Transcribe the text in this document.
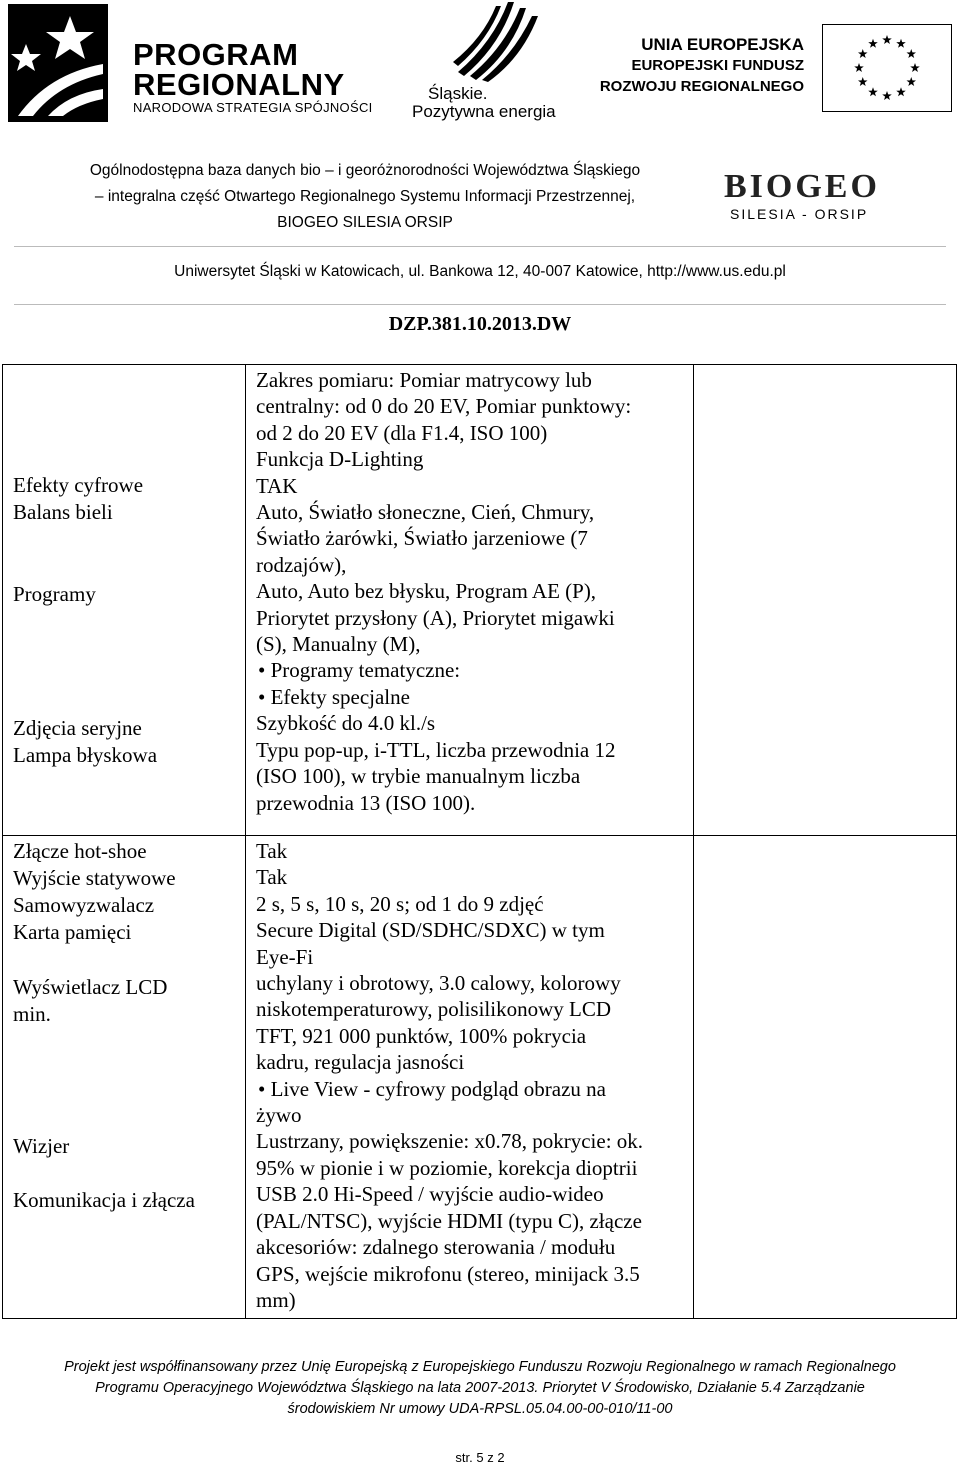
PROGRAM
REGIONALNY
NARODOWA STRATEGIA SPÓJNOŚCI
Śląskie.
Pozytywna energia
UNIA EUROPEJSKA
EUROPEJSKI FUNDUSZ
ROZWOJU REGIONALNEGO
Ogólnodostępna baza danych bio – i georóżnorodności Województwa Śląskiego
– integralna część Otwartego Regionalnego Systemu Informacji Przestrzennej,
BIOGEO SILESIA ORSIP
BIOGEO
SILESIA - ORSIP
Uniwersytet Śląski w Katowicach, ul. Bankowa 12, 40-007 Katowice, http://www.us.edu.pl
DZP.381.10.2013.DW
Efekty cyfrowe
Balans bieli
Programy
Zdjęcia seryjne
Lampa błyskowa
Zakres pomiaru: Pomiar matrycowy lub
centralny: od 0 do 20 EV, Pomiar punktowy:
od 2 do 20 EV (dla F1.4, ISO 100)
Funkcja D-Lighting
TAK
Auto, Światło słoneczne, Cień, Chmury,
Światło żarówki, Światło jarzeniowe (7
rodzajów),
Auto, Auto bez błysku, Program AE (P),
Priorytet przysłony (A), Priorytet migawki
(S), Manualny (M),
• Programy tematyczne:
• Efekty specjalne
Szybkość do 4.0 kl./s
Typu pop-up, i-TTL, liczba przewodnia 12
(ISO 100), w trybie manualnym liczba
przewodnia 13 (ISO 100).
Złącze hot-shoe
Wyjście statywowe
Samowyzwalacz
Karta pamięci
Wyświetlacz LCD
min.
Wizjer
Komunikacja i złącza
Tak
Tak
2 s, 5 s, 10 s, 20 s; od 1 do 9 zdjęć
Secure Digital (SD/SDHC/SDXC) w tym
Eye-Fi
uchylany i obrotowy, 3.0 calowy, kolorowy
niskotemperaturowy, polisilikonowy LCD
TFT, 921 000 punktów, 100% pokrycia
kadru, regulacja jasności
• Live View - cyfrowy podgląd obrazu na
żywo
Lustrzany, powiększenie: x0.78, pokrycie: ok.
95% w pionie i w poziomie, korekcja dioptrii
USB 2.0 Hi-Speed / wyjście audio-wideo
(PAL/NTSC), wyjście HDMI (typu C), złącze
akcesoriów: zdalnego sterowania / modułu
GPS, wejście mikrofonu (stereo, minijack 3.5
mm)
Projekt jest współfinansowany przez Unię Europejską z Europejskiego Funduszu Rozwoju Regionalnego w ramach Regionalnego
Programu Operacyjnego Województwa Śląskiego na lata 2007-2013. Priorytet V Środowisko, Działanie 5.4 Zarządzanie
środowiskiem Nr umowy UDA-RPSL.05.04.00-00-010/11-00
str. 5 z 2
